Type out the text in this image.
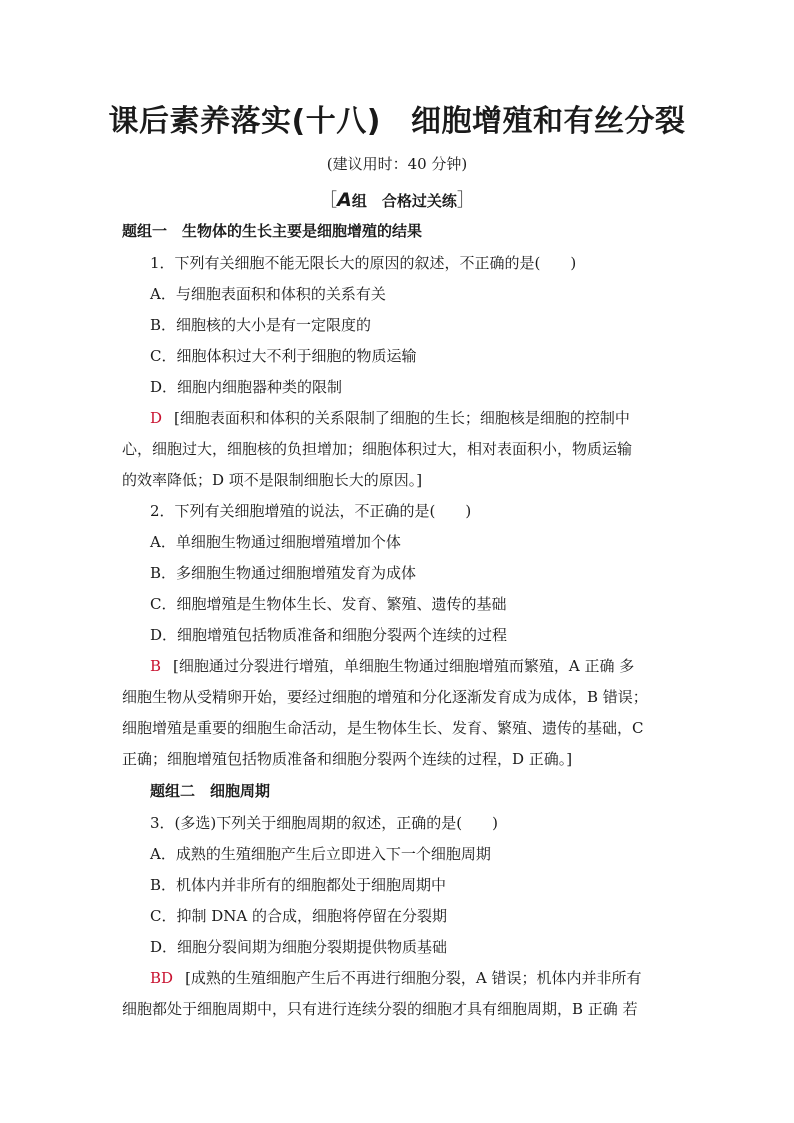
课后素养落实(十八) 细胞增殖和有丝分裂
(建议用时：40 分钟)
［A组　合格过关练］
题组一　生物体的生长主要是细胞增殖的结果
1．下列有关细胞不能无限长大的原因的叙述，不正确的是(　　)
A．与细胞表面积和体积的关系有关
B．细胞核的大小是有一定限度的
C．细胞体积过大不利于细胞的物质运输
D．细胞内细胞器种类的限制
D [细胞表面积和体积的关系限制了细胞的生长；细胞核是细胞的控制中
心，细胞过大，细胞核的负担增加；细胞体积过大，相对表面积小，物质运输
的效率降低；D 项不是限制细胞长大的原因。]
2．下列有关细胞增殖的说法，不正确的是(　　)
A．单细胞生物通过细胞增殖增加个体
B．多细胞生物通过细胞增殖发育为成体
C．细胞增殖是生物体生长、发育、繁殖、遗传的基础
D．细胞增殖包括物质准备和细胞分裂两个连续的过程
B [细胞通过分裂进行增殖，单细胞生物通过细胞增殖而繁殖，A 正确 多
细胞生物从受精卵开始，要经过细胞的增殖和分化逐渐发育成为成体，B 错误；
细胞增殖是重要的细胞生命活动，是生物体生长、发育、繁殖、遗传的基础，C
正确；细胞增殖包括物质准备和细胞分裂两个连续的过程，D 正确。]
题组二　细胞周期
3．(多选)下列关于细胞周期的叙述，正确的是(　　)
A．成熟的生殖细胞产生后立即进入下一个细胞周期
B．机体内并非所有的细胞都处于细胞周期中
C．抑制 DNA 的合成，细胞将停留在分裂期
D．细胞分裂间期为细胞分裂期提供物质基础
BD [成熟的生殖细胞产生后不再进行细胞分裂，A 错误；机体内并非所有
细胞都处于细胞周期中，只有进行连续分裂的细胞才具有细胞周期，B 正确 若
